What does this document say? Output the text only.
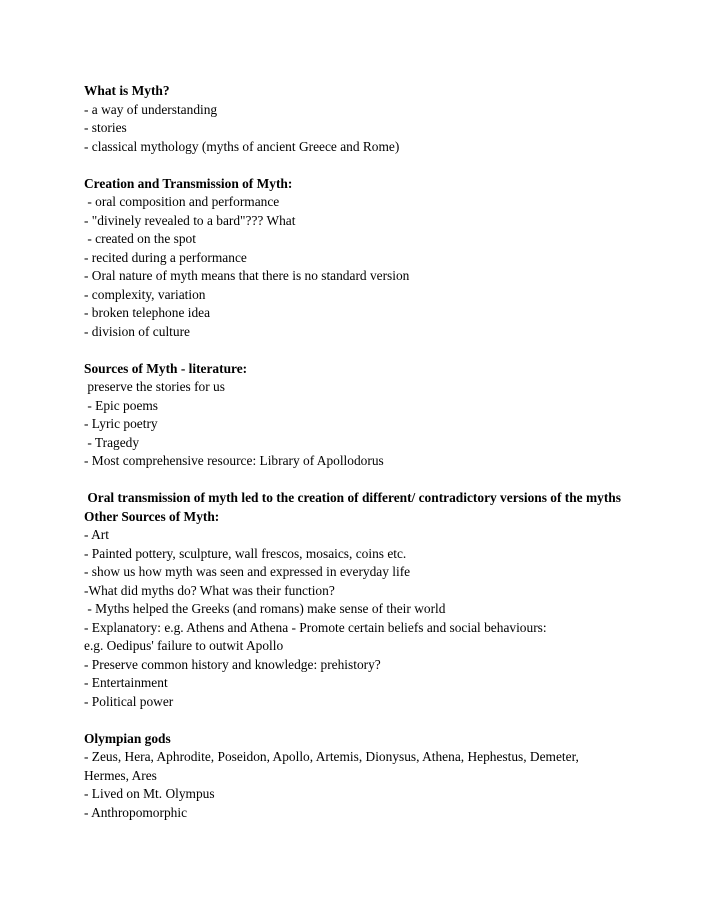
What is Myth?
- a way of understanding
- stories
- classical mythology (myths of ancient Greece and Rome)
Creation and Transmission of Myth:
- oral composition and performance
- "divinely revealed to a bard"??? What
- created on the spot
- recited during a performance
- Oral nature of myth means that there is no standard version
- complexity, variation
- broken telephone idea
- division of culture
Sources of Myth - literature:
preserve the stories for us
- Epic poems
- Lyric poetry
- Tragedy
- Most comprehensive resource: Library of Apollodorus
Oral transmission of myth led to the creation of different/ contradictory versions of the myths Other Sources of Myth:
- Art
- Painted pottery, sculpture, wall frescos, mosaics, coins etc.
- show us how myth was seen and expressed in everyday life
-What did myths do? What was their function?
- Myths helped the Greeks (and romans) make sense of their world
- Explanatory: e.g. Athens and Athena - Promote certain beliefs and social behaviours:
e.g. Oedipus' failure to outwit Apollo
- Preserve common history and knowledge: prehistory?
- Entertainment
- Political power
Olympian gods
- Zeus, Hera, Aphrodite, Poseidon, Apollo, Artemis, Dionysus, Athena, Hephestus, Demeter, Hermes, Ares
- Lived on Mt. Olympus
- Anthropomorphic
